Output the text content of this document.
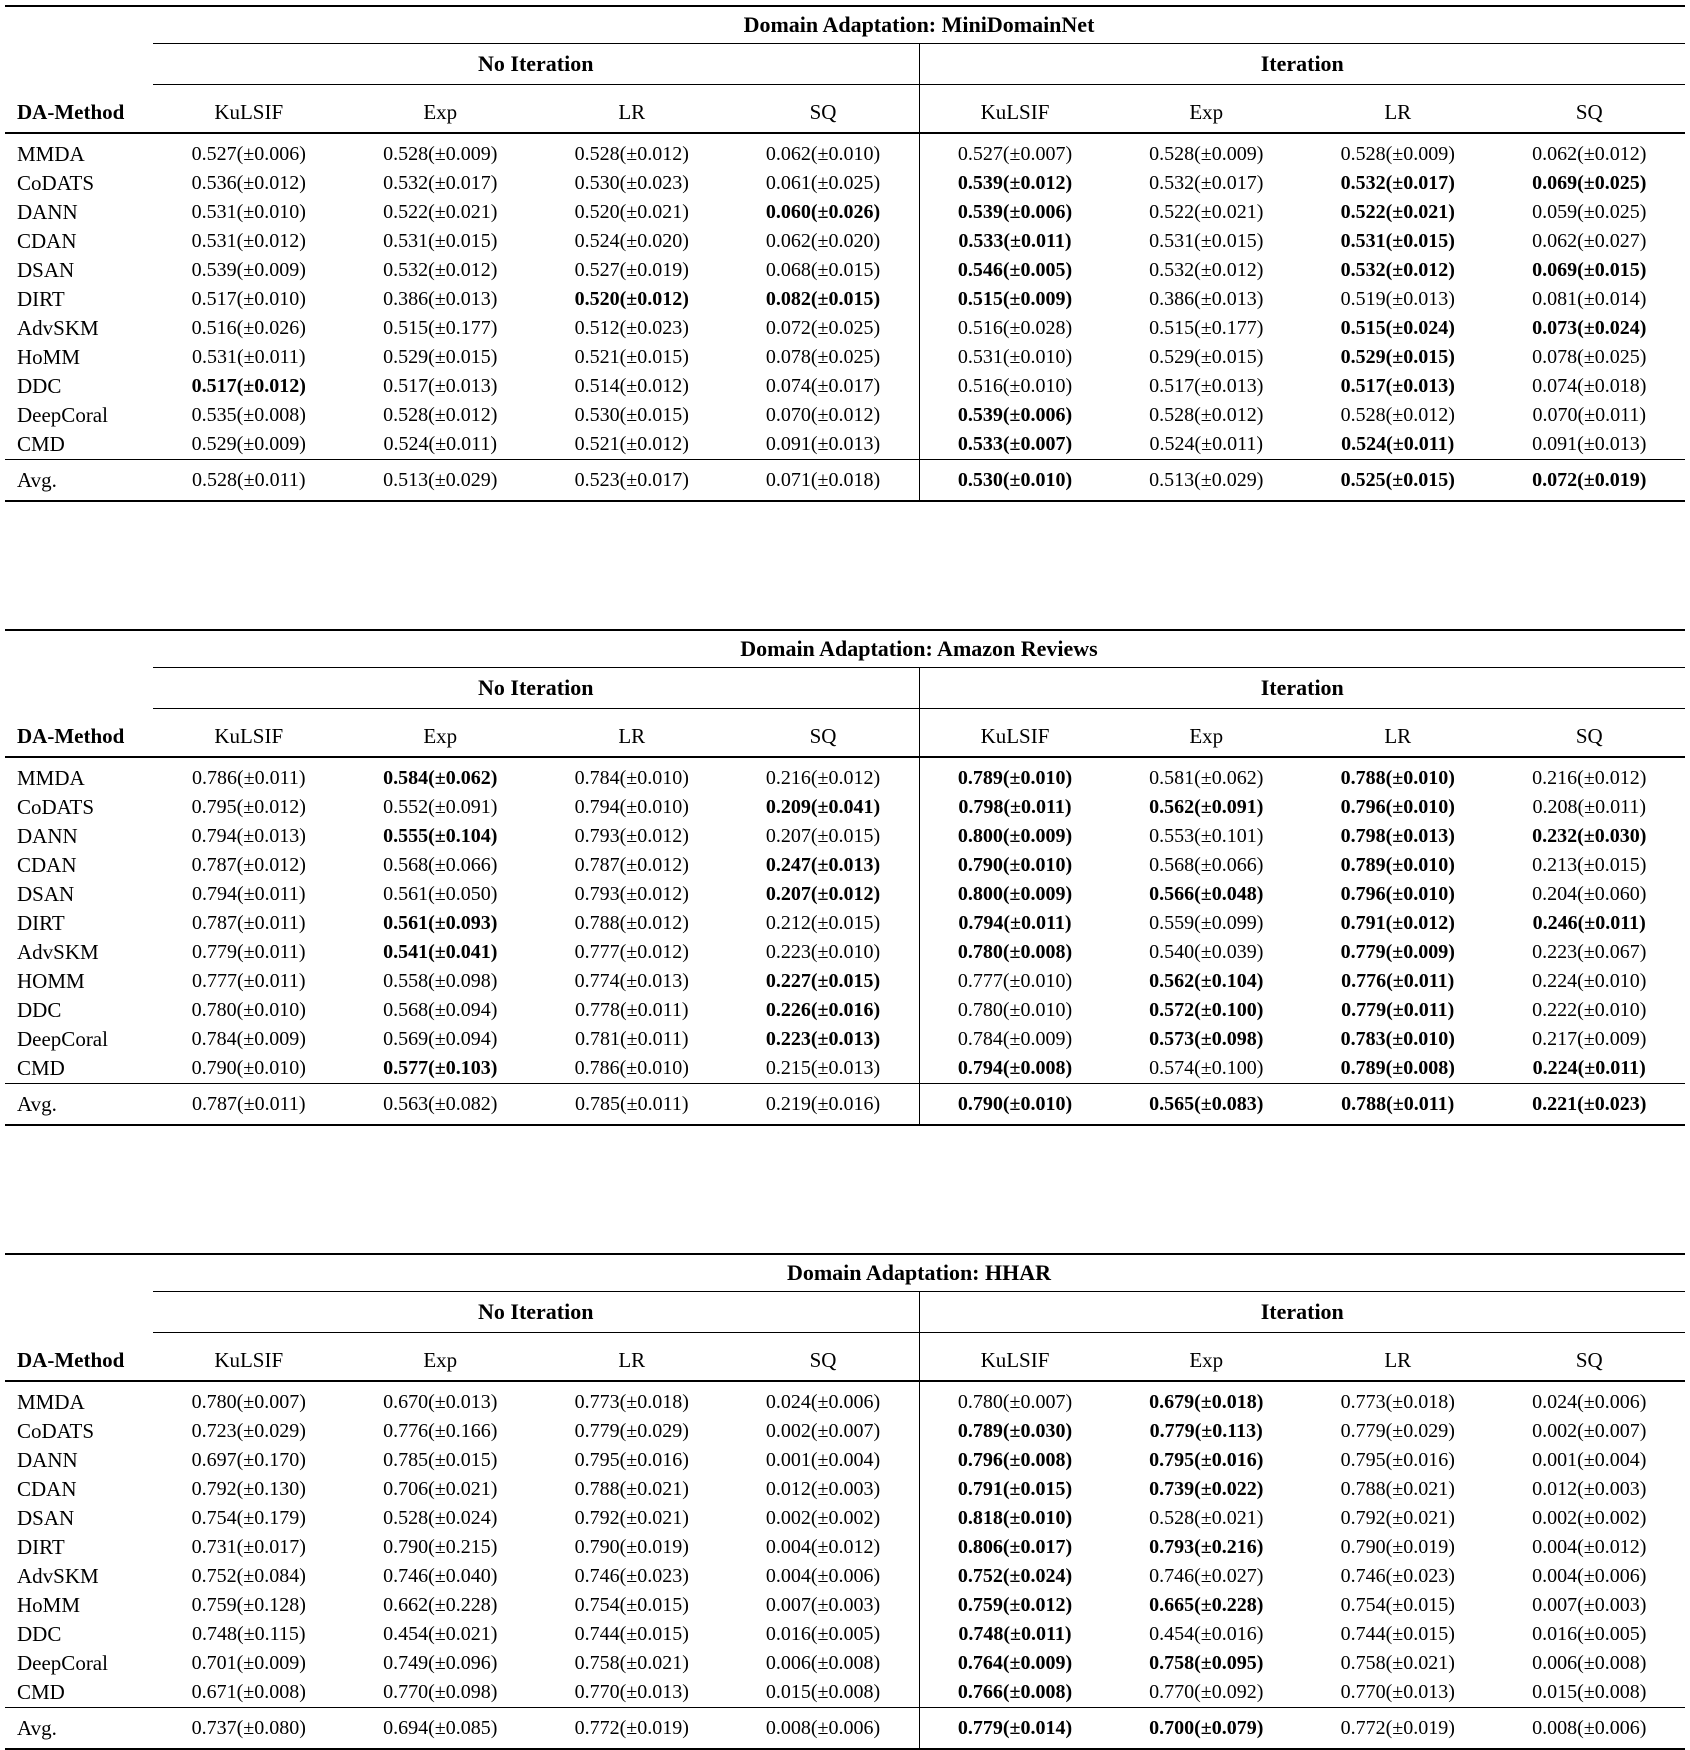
	Domain Adaptation: MiniDomainNet							
	No Iteration				Iteration			
DA-Method	KuLSIF	Exp	LR	SQ	KuLSIF	Exp	LR	SQ
MMDA	0.527(±0.006)	0.528(±0.009)	0.528(±0.012)	0.062(±0.010)	0.527(±0.007)	0.528(±0.009)	0.528(±0.009)	0.062(±0.012)
CoDATS	0.536(±0.012)	0.532(±0.017)	0.530(±0.023)	0.061(±0.025)	0.539(±0.012)	0.532(±0.017)	0.532(±0.017)	0.069(±0.025)
DANN	0.531(±0.010)	0.522(±0.021)	0.520(±0.021)	0.060(±0.026)	0.539(±0.006)	0.522(±0.021)	0.522(±0.021)	0.059(±0.025)
CDAN	0.531(±0.012)	0.531(±0.015)	0.524(±0.020)	0.062(±0.020)	0.533(±0.011)	0.531(±0.015)	0.531(±0.015)	0.062(±0.027)
DSAN	0.539(±0.009)	0.532(±0.012)	0.527(±0.019)	0.068(±0.015)	0.546(±0.005)	0.532(±0.012)	0.532(±0.012)	0.069(±0.015)
DIRT	0.517(±0.010)	0.386(±0.013)	0.520(±0.012)	0.082(±0.015)	0.515(±0.009)	0.386(±0.013)	0.519(±0.013)	0.081(±0.014)
AdvSKM	0.516(±0.026)	0.515(±0.177)	0.512(±0.023)	0.072(±0.025)	0.516(±0.028)	0.515(±0.177)	0.515(±0.024)	0.073(±0.024)
HoMM	0.531(±0.011)	0.529(±0.015)	0.521(±0.015)	0.078(±0.025)	0.531(±0.010)	0.529(±0.015)	0.529(±0.015)	0.078(±0.025)
DDC	0.517(±0.012)	0.517(±0.013)	0.514(±0.012)	0.074(±0.017)	0.516(±0.010)	0.517(±0.013)	0.517(±0.013)	0.074(±0.018)
DeepCoral	0.535(±0.008)	0.528(±0.012)	0.530(±0.015)	0.070(±0.012)	0.539(±0.006)	0.528(±0.012)	0.528(±0.012)	0.070(±0.011)
CMD	0.529(±0.009)	0.524(±0.011)	0.521(±0.012)	0.091(±0.013)	0.533(±0.007)	0.524(±0.011)	0.524(±0.011)	0.091(±0.013)
Avg.	0.528(±0.011)	0.513(±0.029)	0.523(±0.017)	0.071(±0.018)	0.530(±0.010)	0.513(±0.029)	0.525(±0.015)	0.072(±0.019)
	Domain Adaptation: Amazon Reviews							
	No Iteration				Iteration			
DA-Method	KuLSIF	Exp	LR	SQ	KuLSIF	Exp	LR	SQ
MMDA	0.786(±0.011)	0.584(±0.062)	0.784(±0.010)	0.216(±0.012)	0.789(±0.010)	0.581(±0.062)	0.788(±0.010)	0.216(±0.012)
CoDATS	0.795(±0.012)	0.552(±0.091)	0.794(±0.010)	0.209(±0.041)	0.798(±0.011)	0.562(±0.091)	0.796(±0.010)	0.208(±0.011)
DANN	0.794(±0.013)	0.555(±0.104)	0.793(±0.012)	0.207(±0.015)	0.800(±0.009)	0.553(±0.101)	0.798(±0.013)	0.232(±0.030)
CDAN	0.787(±0.012)	0.568(±0.066)	0.787(±0.012)	0.247(±0.013)	0.790(±0.010)	0.568(±0.066)	0.789(±0.010)	0.213(±0.015)
DSAN	0.794(±0.011)	0.561(±0.050)	0.793(±0.012)	0.207(±0.012)	0.800(±0.009)	0.566(±0.048)	0.796(±0.010)	0.204(±0.060)
DIRT	0.787(±0.011)	0.561(±0.093)	0.788(±0.012)	0.212(±0.015)	0.794(±0.011)	0.559(±0.099)	0.791(±0.012)	0.246(±0.011)
AdvSKM	0.779(±0.011)	0.541(±0.041)	0.777(±0.012)	0.223(±0.010)	0.780(±0.008)	0.540(±0.039)	0.779(±0.009)	0.223(±0.067)
HOMM	0.777(±0.011)	0.558(±0.098)	0.774(±0.013)	0.227(±0.015)	0.777(±0.010)	0.562(±0.104)	0.776(±0.011)	0.224(±0.010)
DDC	0.780(±0.010)	0.568(±0.094)	0.778(±0.011)	0.226(±0.016)	0.780(±0.010)	0.572(±0.100)	0.779(±0.011)	0.222(±0.010)
DeepCoral	0.784(±0.009)	0.569(±0.094)	0.781(±0.011)	0.223(±0.013)	0.784(±0.009)	0.573(±0.098)	0.783(±0.010)	0.217(±0.009)
CMD	0.790(±0.010)	0.577(±0.103)	0.786(±0.010)	0.215(±0.013)	0.794(±0.008)	0.574(±0.100)	0.789(±0.008)	0.224(±0.011)
Avg.	0.787(±0.011)	0.563(±0.082)	0.785(±0.011)	0.219(±0.016)	0.790(±0.010)	0.565(±0.083)	0.788(±0.011)	0.221(±0.023)
	Domain Adaptation: HHAR							
	No Iteration				Iteration			
DA-Method	KuLSIF	Exp	LR	SQ	KuLSIF	Exp	LR	SQ
MMDA	0.780(±0.007)	0.670(±0.013)	0.773(±0.018)	0.024(±0.006)	0.780(±0.007)	0.679(±0.018)	0.773(±0.018)	0.024(±0.006)
CoDATS	0.723(±0.029)	0.776(±0.166)	0.779(±0.029)	0.002(±0.007)	0.789(±0.030)	0.779(±0.113)	0.779(±0.029)	0.002(±0.007)
DANN	0.697(±0.170)	0.785(±0.015)	0.795(±0.016)	0.001(±0.004)	0.796(±0.008)	0.795(±0.016)	0.795(±0.016)	0.001(±0.004)
CDAN	0.792(±0.130)	0.706(±0.021)	0.788(±0.021)	0.012(±0.003)	0.791(±0.015)	0.739(±0.022)	0.788(±0.021)	0.012(±0.003)
DSAN	0.754(±0.179)	0.528(±0.024)	0.792(±0.021)	0.002(±0.002)	0.818(±0.010)	0.528(±0.021)	0.792(±0.021)	0.002(±0.002)
DIRT	0.731(±0.017)	0.790(±0.215)	0.790(±0.019)	0.004(±0.012)	0.806(±0.017)	0.793(±0.216)	0.790(±0.019)	0.004(±0.012)
AdvSKM	0.752(±0.084)	0.746(±0.040)	0.746(±0.023)	0.004(±0.006)	0.752(±0.024)	0.746(±0.027)	0.746(±0.023)	0.004(±0.006)
HoMM	0.759(±0.128)	0.662(±0.228)	0.754(±0.015)	0.007(±0.003)	0.759(±0.012)	0.665(±0.228)	0.754(±0.015)	0.007(±0.003)
DDC	0.748(±0.115)	0.454(±0.021)	0.744(±0.015)	0.016(±0.005)	0.748(±0.011)	0.454(±0.016)	0.744(±0.015)	0.016(±0.005)
DeepCoral	0.701(±0.009)	0.749(±0.096)	0.758(±0.021)	0.006(±0.008)	0.764(±0.009)	0.758(±0.095)	0.758(±0.021)	0.006(±0.008)
CMD	0.671(±0.008)	0.770(±0.098)	0.770(±0.013)	0.015(±0.008)	0.766(±0.008)	0.770(±0.092)	0.770(±0.013)	0.015(±0.008)
Avg.	0.737(±0.080)	0.694(±0.085)	0.772(±0.019)	0.008(±0.006)	0.779(±0.014)	0.700(±0.079)	0.772(±0.019)	0.008(±0.006)
